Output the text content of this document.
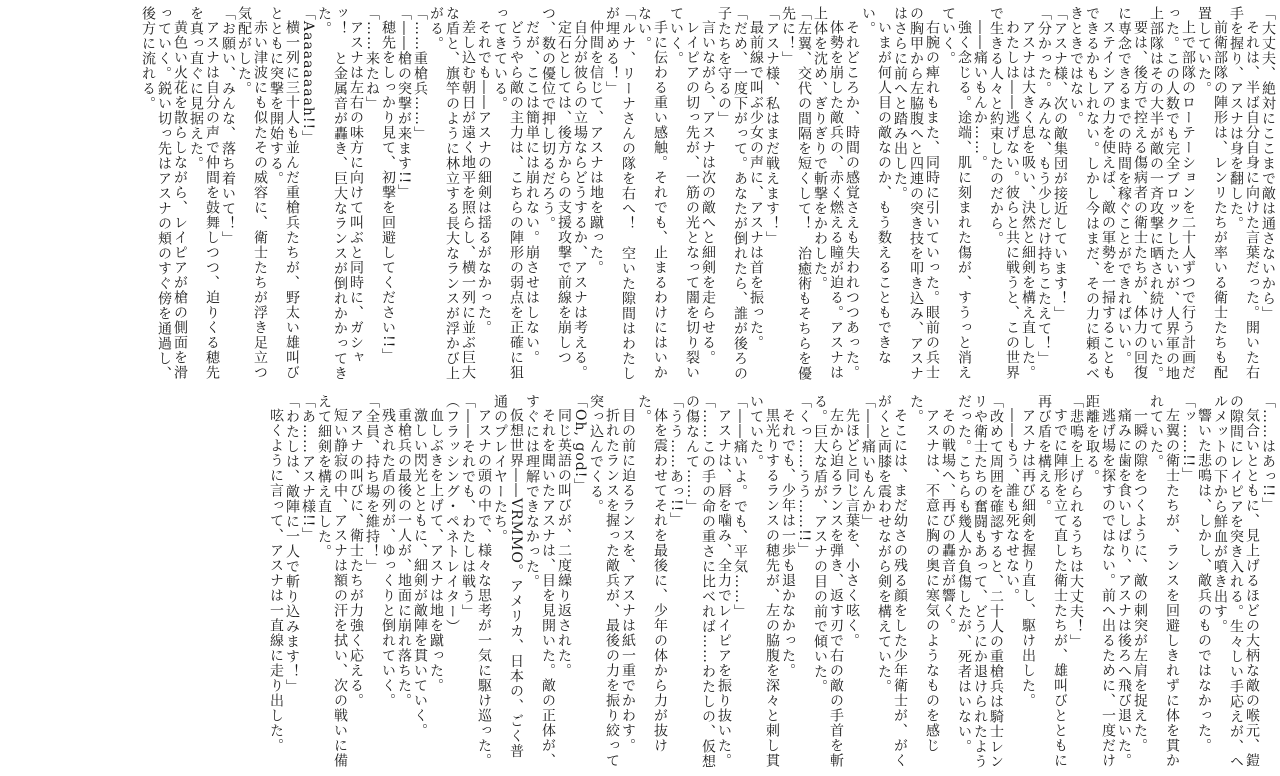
「大丈夫、絶対にここまで敵は通さないから」

それは、半ば自分自身に向けた言葉だった。開いた右手を握り、アスナは身を翻した。

前衛部隊の陣形は、レンリたちが率いる衛士たちも配置していた。

上で部隊のローテーションを二十人ずつで行う計画だった。この人数でも完全ブロックしたいが、人界軍の地上部隊はその大半が敵の一斉攻撃に晒され続けていた。

要は、後方で控える傷病者の衛士たちが、体力の回復に専念できるまでの時間を稼ぐことができればいい。

ステイシアの力を使えば、敵の軍勢を一掃することもできるかもしれない。しかし今はまだ、その力に頼るべきときではない。

「アスナ様、次の敵集団が接近しています！」

「分かった。みんな、もう少しだけ持ちこたえて！」

アスナは大きく息を吸い、決然と細剣を構え直した。

わたしは――逃げない。彼らと共に戦うと、この世界で生きる人々と約束したのだから。

――痛いもんか……。

強く念じる。途端、肌に刻まれた傷が、すうっと消えていく。

右腕の痺れもまた、同時に引いていった。眼前の兵士の胸甲から左脇腹へと四連の突き技を叩き込み、アスナはさらに前へと踏み出した。

いまが何人目の敵なのか、もう数えることもできない。

それどころか、時間の感覚さえも失われつつあった。

体勢を崩した敵兵の、赤く燃える瞳が迫る。アスナは上体を沈め、ぎりぎりで斬撃をかわした。

「左翼、交代の間隔を短くして！　治癒術もそちらを優先に！」

「アスナ様、私はまだ戦えます！」

最前線で叫ぶ少女の声に、アスナは首を振った。

「だめ、一度下がって。あなたが倒れたら、誰が後ろの子たちを守るの」

言いながら、アスナは次の敵へと細剣を走らせる。

レイピアの切っ先が、一筋の光となって闇を切り裂いていく。

手に伝わる重い感触。それでも、止まるわけにはいかない。

「ルナ、リーナさんの隊を右へ！　空いた隙間はわたしが埋める！」

仲間を信じて、アスナは地を蹴った。

自分が彼らの立場ならどうするか、アスナは考える。

定石としては、後方からの支援攻撃で前線を崩しつつ、数の優位で押し切るだろう。

だが、ここは簡単には崩れない。崩させはしない。

どうやら敵の主力は、こちらの陣形の弱点を正確に狙ってきている。

それでも――アスナの細剣は揺るがなかった。

差し込む朝日が遠く地平を照らし、横一列に並ぶ巨大な盾と、旗竿のように林立する長大なランスが浮かび上がる。

「……重槍兵……」

「――槍の突撃が来ます!!」

穂先をしっかり見て、初撃を回避してください!!」

「……来たね」

アスナは左右の味方に向けて叫ぶと同時に、ガシャッ！　と金属音が轟き、巨大なランスが倒れかかってきた。

「Aaaaaaaaah!!」

横一列に三十人も並んだ重槍兵たちが、野太い雄叫びとともに突撃を開始する。

赤い津波にも似たその威容に、衛士たちが浮き足立つ気配がした。

「お願い、みんな、落ち着いて！」

アスナは自分の声で仲間を鼓舞しつつ、迫りくる穂先を真っ直ぐに見据えた。

黄色い火花を散らしながら、レイピアが槍の側面を滑っていく。鋭い切っ先はアスナの頬のすぐ傍を通過し、後方に流れる。

「……はあっ!!」

気合いとともに、見上げるほどの大柄な敵の喉元、鎧の隙間にレイピアを突き入れる。生々しい手応えが、ヘルメットの下から鮮血が噴き出す。

響いた悲鳴は、しかし、敵兵のものではなかった。

「ッ……!!」

左翼の衛士たちが、ランスを回避しきれずに体を貫かれていた。

一瞬の隙をつくように、敵の刺突が左肩を捉えた。

痛みに歯を食いしばり、アスナは後ろへ飛び退いた。

逃げ場を探すのではない。前へ出るために、一度だけ距離を取る。

「悲鳴を上げられるうちは大丈夫！」

すでに陣形を立て直した衛士たちが、雄叫びとともに再び盾を構える。

アスナは再び細剣を握り直し、駆け出した。

――もう、誰も死なせない。

「改めて周囲を確認すると、二十人の重槍兵は騎士レンリや衛士たちの奮闘もあって、どうにか退けられたようだった。こちらも幾人か負傷したが、死者はいない。

その戦場へ、再びの轟音が響く。

アスナは、不意に胸の奥に寒気のようなものを感じた。

そこには、まだ幼さの残る顔をした少年衛士が、がくがくと両膝を震わせながら剣を構えていた。

「――痛いもんか」

先ほどと同じ言葉を、小さく呟く。

左から迫るランスを弾き、返す刃で右の敵の手首を斬る。巨大な盾が、アスナの目の前で傾いた。

「くっ……うう……!!」

それでも、少年は一歩も退かなかった。

黒光りするランスの穂先が、左の脇腹を深々と刺し貫いていた。

「――痛いよ。でも、平気……」

アスナは、唇を噛み、全力でレイピアを振り抜いた。

「……この手の命の重さに比べれば……わたしの、仮想の傷なんて……」

「うう……あっ!!」

体を震わせてそれを最後に、少年の体から力が抜けた。

目の前に迫るランスを、アスナは紙一重でかわす。

折れたランスを握った敵兵が、最後の力を振り絞って突っ込んでくる。

「Oh, god!」

同じ英語の叫びが、二度繰り返された。

それを聞いたアスナは、目を見開いた。敵の正体が、すぐには理解できなかった。

仮想世界――VRMMO。アメリカ、日本の、ごく普通のプレイヤーたち。

アスナの頭の中で、様々な思考が一気に駆け巡った。

「――それでも、わたしは戦う」

（フラッシング・ペネトレイター）

血しぶきを上げて、アスナは地を蹴った。

激しい閃光とともに、細剣が敵陣を貫いていく。

重槍兵の最後の一人が、地面に崩れ落ちた。

残された盾の列が、ゆっくりと倒れていく。

「全員、持ち場を維持！」

アスナの叫びに、衛士たちが力強く応える。

短い静寂の中、アスナは額の汗を拭い、次の戦いに備えて細剣を構え直した。

「あ……アスナ様!!」

「わたしは、敵陣に一人で斬り込みます！」

呟くように言って、アスナは一直線に走り出した。
